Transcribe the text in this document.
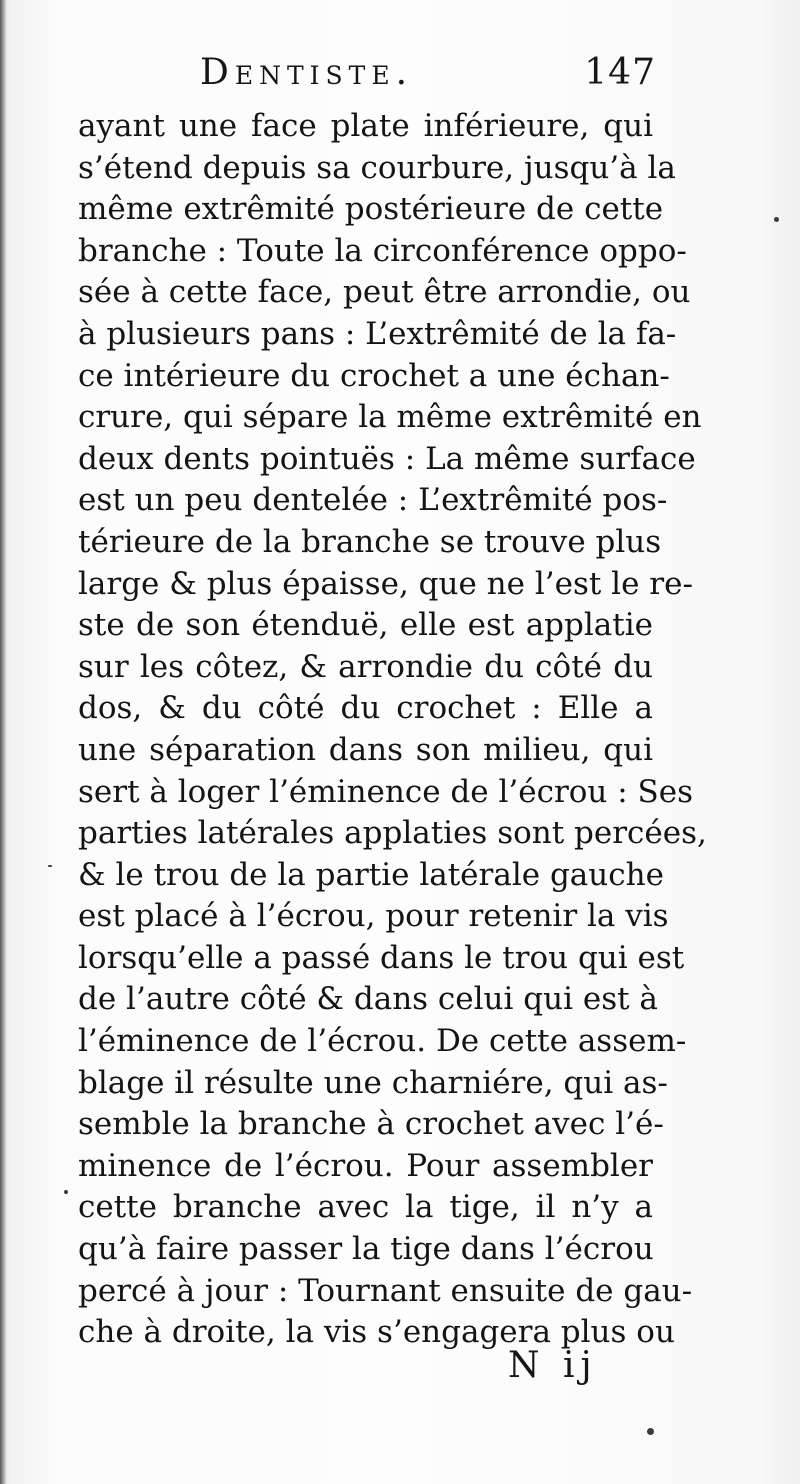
Dentiste.	147
ayant une face plate inférieure, qui
s’étend depuis sa courbure, jusqu’à la
même extrêmité postérieure de cette
branche : Toute la circonférence oppo-
sée à cette face, peut être arrondie, ou
à plusieurs pans : L’extrêmité de la fa-
ce intérieure du crochet a une échan-
crure, qui sépare la même extrêmité en
deux dents pointuës : La même surface
est un peu dentelée : L’extrêmité pos-
térieure de la branche se trouve plus
large & plus épaisse, que ne l’est le re-
ste de son étenduë, elle est applatie
sur les côtez, & arrondie du côté du
dos, & du côté du crochet : Elle a
une séparation dans son milieu, qui
sert à loger l’éminence de l’écrou : Ses
parties latérales applaties sont percées,
& le trou de la partie latérale gauche
est placé à l’écrou, pour retenir la vis
lorsqu’elle a passé dans le trou qui est
de l’autre côté & dans celui qui est à
l’éminence de l’écrou. De cette assem-
blage il résulte une charniére, qui as-
semble la branche à crochet avec l’é-
minence de l’écrou. Pour assembler
cette branche avec la tige, il n’y a
qu’à faire passer la tige dans l’écrou
percé à jour : Tournant ensuite de gau-
che à droite, la vis s’engagera plus ou
N ij
